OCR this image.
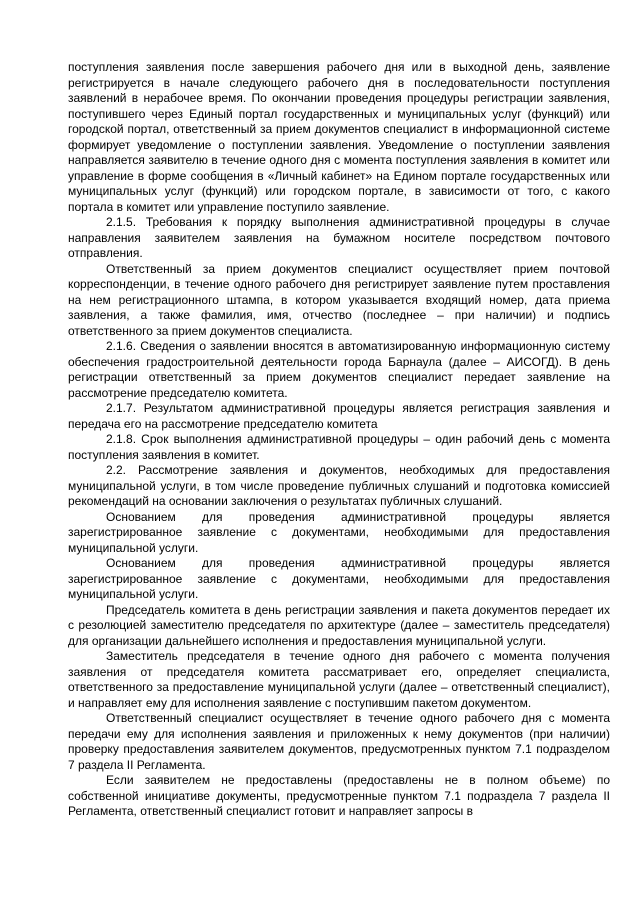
поступления заявления после завершения рабочего дня или в выходной день, заявление регистрируется в начале следующего рабочего дня в последовательности поступления заявлений в нерабочее время. По окончании проведения процедуры регистрации заявления, поступившего через Единый портал государственных и муниципальных услуг (функций) или городской портал, ответственный за прием документов специалист в информационной системе формирует уведомление о поступлении заявления. Уведомление о поступлении заявления направляется заявителю в течение одного дня с момента поступления заявления в комитет или управление в форме сообщения в «Личный кабинет» на Едином портале государственных или муниципальных услуг (функций) или городском портале, в зависимости от того, с какого портала в комитет или управление поступило заявление.

2.1.5. Требования к порядку выполнения административной процедуры в случае направления заявителем заявления на бумажном носителе посредством почтового отправления.

Ответственный за прием документов специалист осуществляет прием почтовой корреспонденции, в течение одного рабочего дня регистрирует заявление путем проставления на нем регистрационного штампа, в котором указывается входящий номер, дата приема заявления, а также фамилия, имя, отчество (последнее – при наличии) и подпись ответственного за прием документов специалиста.

2.1.6. Сведения о заявлении вносятся в автоматизированную информационную систему обеспечения градостроительной деятельности города Барнаула (далее – АИСОГД). В день регистрации ответственный за прием документов специалист передает заявление на рассмотрение председателю комитета.

2.1.7. Результатом административной процедуры является регистрация заявления и передача его на рассмотрение председателю комитета

2.1.8. Срок выполнения административной процедуры – один рабочий день с момента поступления заявления в комитет.

2.2. Рассмотрение заявления и документов, необходимых для предоставления муниципальной услуги, в том числе проведение публичных слушаний и подготовка комиссией рекомендаций на основании заключения о результатах публичных слушаний.

Основанием для проведения административной процедуры является зарегистрированное заявление с документами, необходимыми для предоставления муниципальной услуги.

Основанием для проведения административной процедуры является зарегистрированное заявление с документами, необходимыми для предоставления муниципальной услуги.

Председатель комитета в день регистрации заявления и пакета документов передает их с резолюцией заместителю председателя по архитектуре (далее – заместитель председателя) для организации дальнейшего исполнения и предоставления муниципальной услуги.

Заместитель председателя в течение одного дня рабочего с момента получения заявления от председателя комитета рассматривает его, определяет специалиста, ответственного за предоставление муниципальной услуги (далее – ответственный специалист), и направляет ему для исполнения заявление с поступившим пакетом документом.

Ответственный специалист осуществляет в течение одного рабочего дня с момента передачи ему для исполнения заявления и приложенных к нему документов (при наличии) проверку предоставления заявителем документов, предусмотренных пунктом 7.1 подразделом 7 раздела II Регламента.

Если заявителем не предоставлены (предоставлены не в полном объеме) по собственной инициативе документы, предусмотренные пунктом 7.1 подраздела 7 раздела II Регламента, ответственный специалист готовит и направляет запросы в
